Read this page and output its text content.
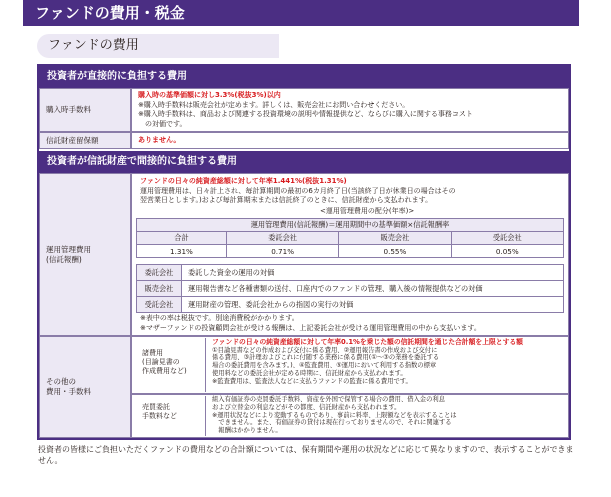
ファンドの費用・税金
ファンドの費用
投資者が直接的に負担する費用
購入時手数料
購入時の基準価額に対し3.3%(税抜3%)以内
※購入時手数料は販売会社が定めます。詳しくは、販売会社にお問い合わせください。
※購入時手数料は、商品および関連する投資環境の説明や情報提供など、ならびに購入に関する事務コスト
　の対価です。
信託財産留保額	ありません。
投資者が信託財産で間接的に負担する費用
運用管理費用
(信託報酬)
ファンドの日々の純資産総額に対して年率1.441%(税抜1.31%)
運用管理費用は、日々計上され、毎計算期間の最初の6カ月終了日(当該終了日が休業日の場合はその
翌営業日とします。)および毎計算期末または信託終了のときに、信託財産から支払われます。
<運用管理費用の配分(年率)>
運用管理費用(信託報酬)＝運用期間中の基準価額×信託報酬率			
合計	委託会社	販売会社	受託会社
1.31%	0.71%	0.55%	0.05%
委託会社	委託した資金の運用の対価
販売会社	運用報告書など各種書類の送付、口座内でのファンドの管理、購入後の情報提供などの対価
受託会社	運用財産の管理、委託会社からの指図の実行の対価
※表中の率は税抜です。別途消費税がかかります。
※マザーファンドの投資顧問会社が受ける報酬は、上記委託会社が受ける運用管理費用の中から支払います。
その他の
費用・手数料
諸費用
(目論見書の
作成費用など)
ファンドの日々の純資産総額に対して年率0.1%を乗じた額の信託期間を通じた合計額を上限とする額
①目論見書などの作成および交付に係る費用、②運用報告書の作成および交付に
係る費用、③計理およびこれに付随する業務に係る費用(①～③の業務を委託する
場合の委託費用を含みます。)、④監査費用、⑤運用において利用する指数の標章
使用料などの委託会社が定める時期に、信託財産から支払われます。
※監査費用は、監査法人などに支払うファンドの監査に係る費用です。
売買委託
手数料など
組入有価証券の売買委託手数料、資産を外国で保管する場合の費用、借入金の利息
および立替金の利息などがその都度、信託財産から支払われます。
※運用状況などにより変動するものであり、事前に料率、上限額などを表示することは
　できません。また、有価証券の貸付は現在行っておりませんので、それに関連する
　報酬はかかりません。
投資者の皆様にご負担いただくファンドの費用などの合計額については、保有期間や運用の状況などに応じて異なりますので、表示することができません。
